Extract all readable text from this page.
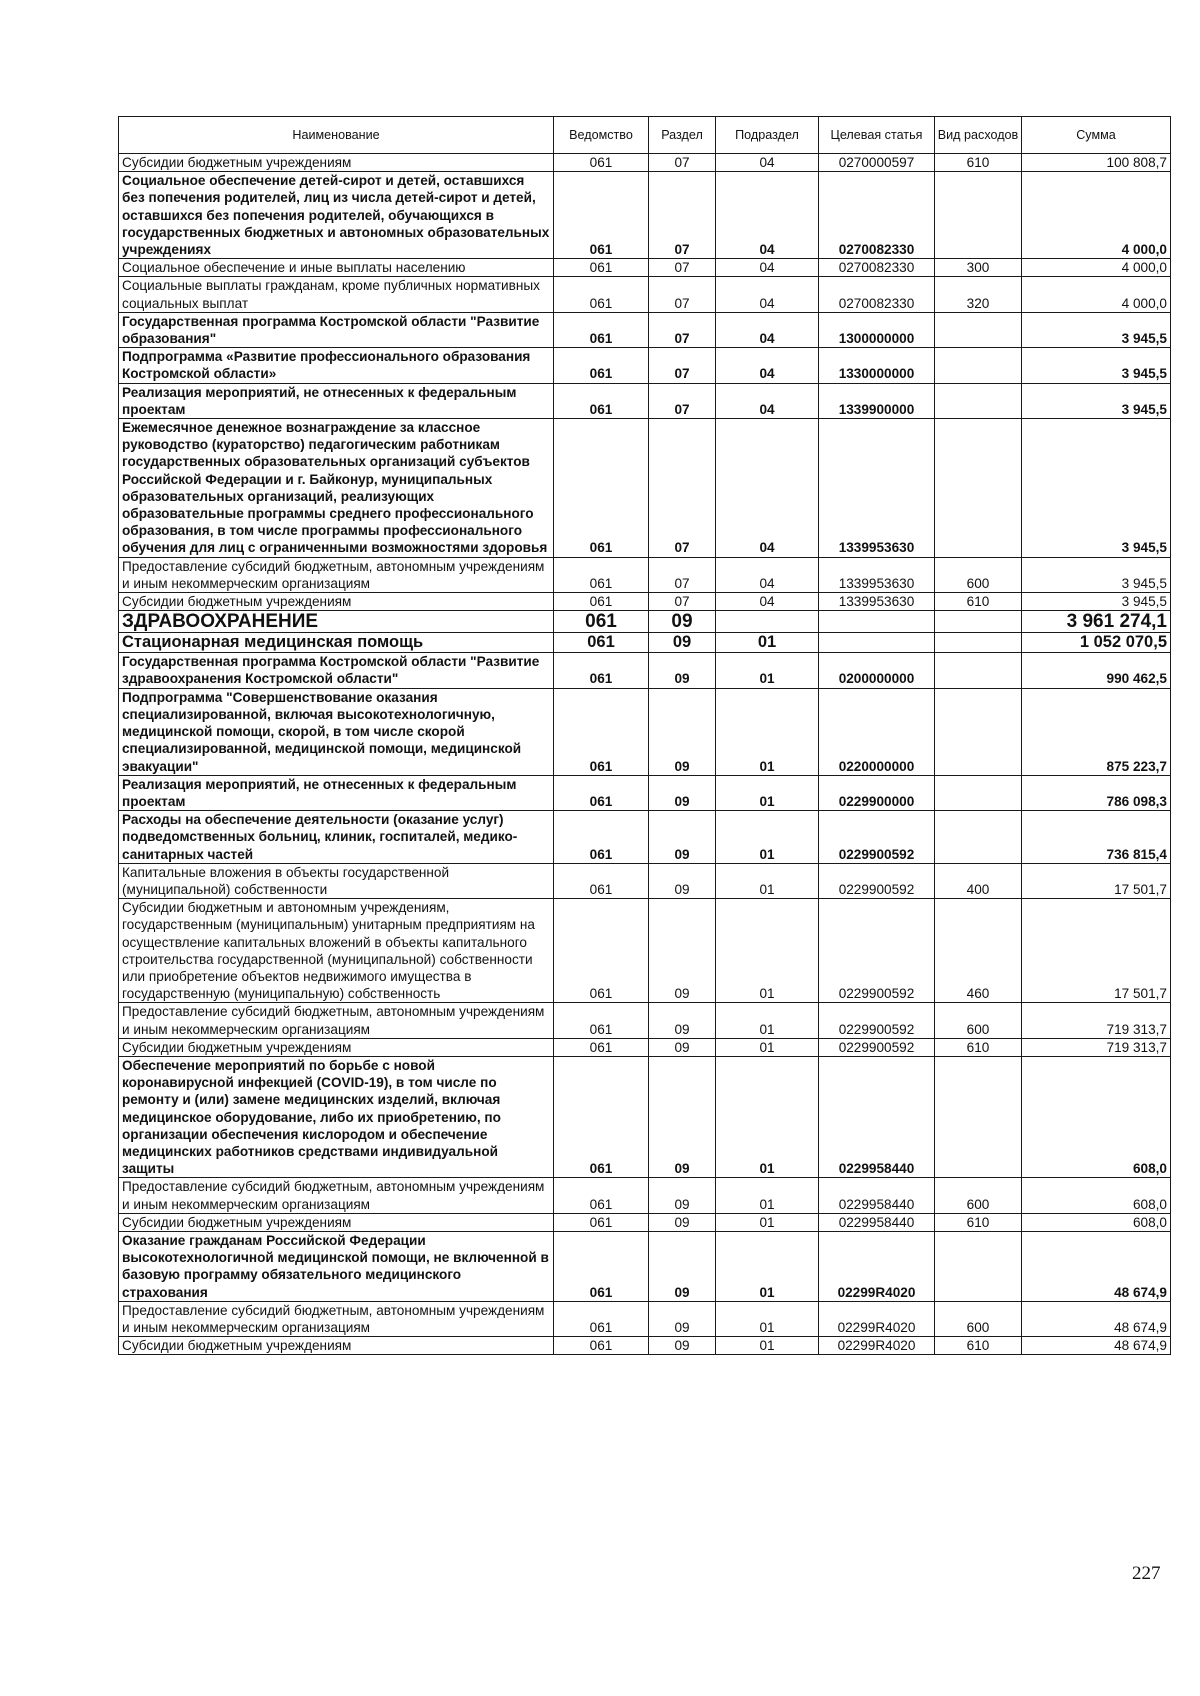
Наименование	Ведомство	Раздел	Подраздел	Целевая статья	Вид расходов	Сумма
Субсидии бюджетным учреждениям	061	07	04	0270000597	610	100 808,7
Социальное обеспечение детей-сирот и детей, оставшихся без попечения родителей, лиц из числа детей-сирот и детей, оставшихся без попечения родителей, обучающихся в государственных бюджетных и автономных образовательных учреждениях	061	07	04	0270082330		4 000,0
Социальное обеспечение и иные выплаты населению	061	07	04	0270082330	300	4 000,0
Социальные выплаты гражданам, кроме публичных нормативных социальных выплат	061	07	04	0270082330	320	4 000,0
Государственная программа Костромской области "Развитие образования"	061	07	04	1300000000		3 945,5
Подпрограмма «Развитие профессионального образования Костромской области»	061	07	04	1330000000		3 945,5
Реализация мероприятий, не отнесенных к федеральным проектам	061	07	04	1339900000		3 945,5
Ежемесячное денежное вознаграждение за классное руководство (кураторство) педагогическим работникам государственных образовательных организаций субъектов Российской Федерации и г. Байконур, муниципальных образовательных организаций, реализующих образовательные программы среднего профессионального образования, в том числе программы профессионального обучения для лиц с ограниченными возможностями здоровья	061	07	04	1339953630		3 945,5
Предоставление субсидий бюджетным, автономным учреждениям и иным некоммерческим организациям	061	07	04	1339953630	600	3 945,5
Субсидии бюджетным учреждениям	061	07	04	1339953630	610	3 945,5
ЗДРАВООХРАНЕНИЕ	061	09				3 961 274,1
Стационарная медицинская помощь	061	09	01			1 052 070,5
Государственная программа Костромской области "Развитие здравоохранения Костромской области"	061	09	01	0200000000		990 462,5
Подпрограмма "Совершенствование оказания специализированной, включая высокотехнологичную, медицинской помощи, скорой, в том числе скорой специализированной, медицинской помощи, медицинской эвакуации"	061	09	01	0220000000		875 223,7
Реализация мероприятий, не отнесенных к федеральным проектам	061	09	01	0229900000		786 098,3
Расходы на обеспечение деятельности (оказание услуг) подведомственных больниц, клиник, госпиталей, медико-санитарных частей	061	09	01	0229900592		736 815,4
Капитальные вложения в объекты государственной (муниципальной) собственности	061	09	01	0229900592	400	17 501,7
Субсидии бюджетным и автономным учреждениям, государственным (муниципальным) унитарным предприятиям на осуществление капитальных вложений в объекты капитального строительства государственной (муниципальной) собственности или приобретение объектов недвижимого имущества в государственную (муниципальную) собственность	061	09	01	0229900592	460	17 501,7
Предоставление субсидий бюджетным, автономным учреждениям и иным некоммерческим организациям	061	09	01	0229900592	600	719 313,7
Субсидии бюджетным учреждениям	061	09	01	0229900592	610	719 313,7
Обеспечение мероприятий по борьбе с новой коронавирусной инфекцией (COVID-19), в том числе по ремонту и (или) замене медицинских изделий, включая медицинское оборудование, либо их приобретению, по организации обеспечения кислородом и обеспечение медицинских работников средствами индивидуальной защиты	061	09	01	0229958440		608,0
Предоставление субсидий бюджетным, автономным учреждениям и иным некоммерческим организациям	061	09	01	0229958440	600	608,0
Субсидии бюджетным учреждениям	061	09	01	0229958440	610	608,0
Оказание гражданам Российской Федерации высокотехнологичной медицинской помощи, не включенной в базовую программу обязательного медицинского страхования	061	09	01	02299R4020		48 674,9
Предоставление субсидий бюджетным, автономным учреждениям и иным некоммерческим организациям	061	09	01	02299R4020	600	48 674,9
Субсидии бюджетным учреждениям	061	09	01	02299R4020	610	48 674,9
227
